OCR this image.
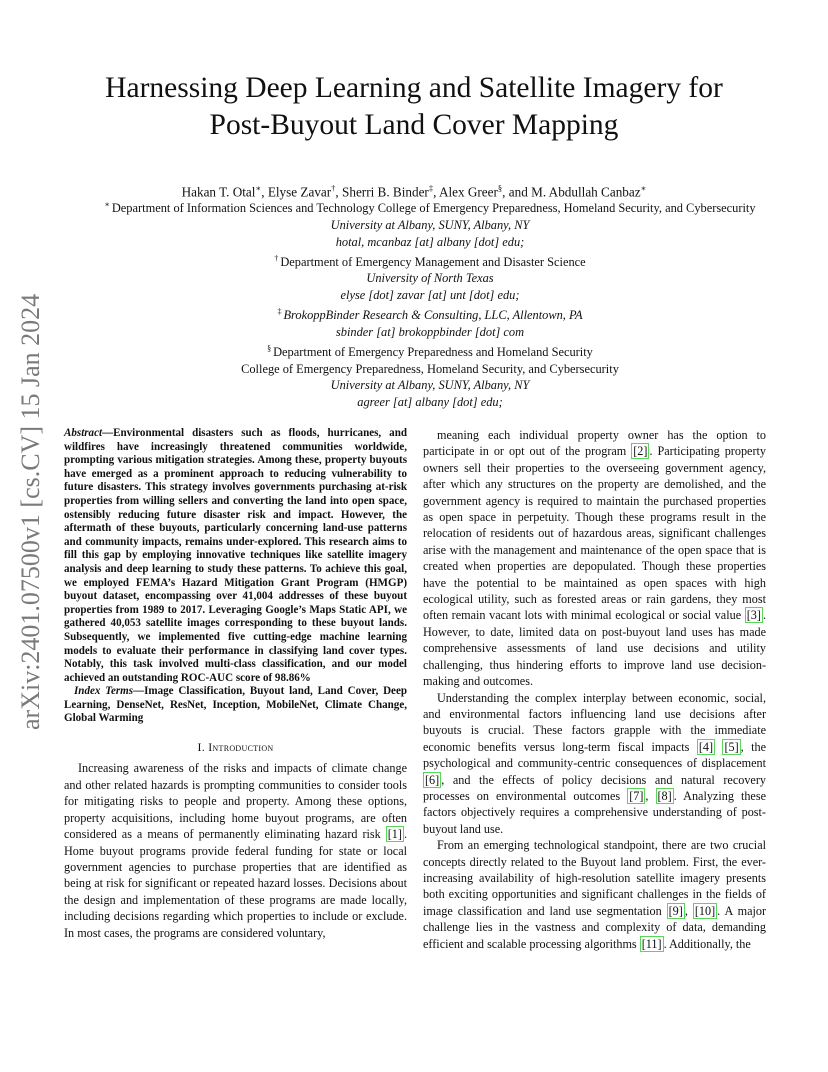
arXiv:2401.07500v1 [cs.CV] 15 Jan 2024
Harnessing Deep Learning and Satellite Imagery for
Post-Buyout Land Cover Mapping
Hakan T. Otal∗, Elyse Zavar†, Sherri B. Binder‡, Alex Greer§, and M. Abdullah Canbaz∗
∗ Department of Information Sciences and Technology College of Emergency Preparedness, Homeland Security, and Cybersecurity
University at Albany, SUNY, Albany, NY
hotal, mcanbaz [at] albany [dot] edu;
† Department of Emergency Management and Disaster Science
University of North Texas
elyse [dot] zavar [at] unt [dot] edu;
‡ BrokoppBinder Research & Consulting, LLC, Allentown, PA
sbinder [at] brokoppbinder [dot] com
§ Department of Emergency Preparedness and Homeland Security
College of Emergency Preparedness, Homeland Security, and Cybersecurity
University at Albany, SUNY, Albany, NY
agreer [at] albany [dot] edu;
Abstract—Environmental disasters such as floods, hurricanes, and wildfires have increasingly threatened communities worldwide, prompting various mitigation strategies. Among these, property buyouts have emerged as a prominent approach to reducing vulnerability to future disasters. This strategy involves governments purchasing at-risk properties from willing sellers and converting the land into open space, ostensibly reducing future disaster risk and impact. However, the aftermath of these buyouts, particularly concerning land-use patterns and community impacts, remains under-explored. This research aims to fill this gap by employing innovative techniques like satellite imagery analysis and deep learning to study these patterns. To achieve this goal, we employed FEMA’s Hazard Mitigation Grant Program (HMGP) buyout dataset, encompassing over 41,004 addresses of these buyout properties from 1989 to 2017. Leveraging Google’s Maps Static API, we gathered 40,053 satellite images corresponding to these buyout lands. Subsequently, we implemented five cutting-edge machine learning models to evaluate their performance in classifying land cover types. Notably, this task involved multi-class classification, and our model achieved an outstanding ROC-AUC score of 98.86%
Index Terms—Image Classification, Buyout land, Land Cover, Deep Learning, DenseNet, ResNet, Inception, MobileNet, Climate Change, Global Warming
I. Introduction

Increasing awareness of the risks and impacts of climate change and other related hazards is prompting communities to consider tools for mitigating risks to people and property. Among these options, property acquisitions, including home buyout programs, are often considered as a means of permanently eliminating hazard risk [1] . Home buyout programs provide federal funding for state or local government agencies to purchase properties that are identified as being at risk for significant or repeated hazard losses. Decisions about the design and implementation of these programs are made locally, including decisions regarding which properties to include or exclude. In most cases, the programs are considered voluntary,

meaning each individual property owner has the option to participate in or opt out of the program [2] . Participating property owners sell their properties to the overseeing government agency, after which any structures on the property are demolished, and the government agency is required to maintain the purchased properties as open space in perpetuity. Though these programs result in the relocation of residents out of hazardous areas, significant challenges arise with the management and maintenance of the open space that is created when properties are depopulated. Though these properties have the potential to be maintained as open spaces with high ecological utility, such as forested areas or rain gardens, they most often remain vacant lots with minimal ecological or social value [3] . However, to date, limited data on post-buyout land uses has made comprehensive assessments of land use decisions and utility challenging, thus hindering efforts to improve land use decision-making and outcomes.

Understanding the complex interplay between economic, social, and environmental factors influencing land use decisions after buyouts is crucial. These factors grapple with the immediate economic benefits versus long-term fiscal impacts [4] [5] , the psychological and community-centric consequences of displacement [6] , and the effects of policy decisions and natural recovery processes on environmental outcomes [7] , [8] . Analyzing these factors objectively requires a comprehensive understanding of post-buyout land use.

From an emerging technological standpoint, there are two crucial concepts directly related to the Buyout land problem. First, the ever-increasing availability of high-resolution satellite imagery presents both exciting opportunities and significant challenges in the fields of image classification and land use segmentation [9] , [10] . A major challenge lies in the vastness and complexity of data, demanding efficient and scalable processing algorithms [11] . Additionally, the
